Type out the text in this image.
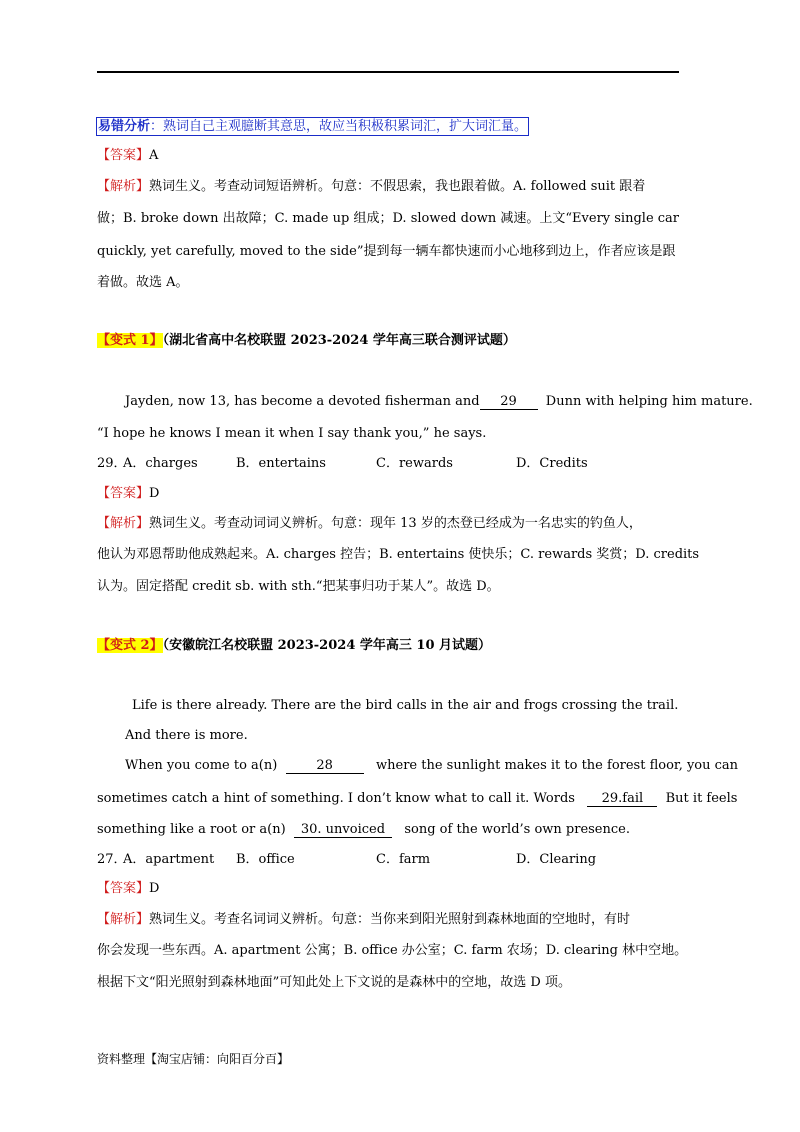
易错分析：熟词自己主观臆断其意思，故应当积极积累词汇，扩大词汇量。
【答案】A
【解析】熟词生义。考查动词短语辨析。句意：不假思索，我也跟着做。A. followed suit 跟着
做；B. broke down 出故障；C. made up 组成；D. slowed down 减速。上文“Every single car
quickly, yet carefully, moved to the side”提到每一辆车都快速而小心地移到边上，作者应该是跟
着做。故选 A。
【变式 1】（湖北省高中名校联盟 2023-2024 学年高三联合测评试题）
Jayden, now 13, has become a devoted fisherman and 29 Dunn with helping him mature.
“I hope he knows I mean it when I say thank you,” he says.
29．
A．charges	B．entertains	C．rewards	D．Credits
【答案】D
【解析】熟词生义。考查动词词义辨析。句意：现年 13 岁的杰登已经成为一名忠实的钓鱼人，
他认为邓恩帮助他成熟起来。A. charges 控告；B. entertains 使快乐；C. rewards 奖赏；D. credits
认为。固定搭配 credit sb. with sth.“把某事归功于某人”。故选 D。
【变式 2】（安徽皖江名校联盟 2023-2024 学年高三 10 月试题）
Life is there already. There are the bird calls in the air and frogs crossing the trail.
And there is more.
When you come to a(n)	28	where the sunlight makes it to the forest floor, you can
sometimes catch a hint of something. I don’t know what to call it. Words 29.fail But it feels
something like a root or a(n) 30. unvoiced song of the world’s own presence.
27．
A．apartment B．office	C．farm	D．Clearing
【答案】D
【解析】熟词生义。考查名词词义辨析。句意：当你来到阳光照射到森林地面的空地时，有时
你会发现一些东西。A. apartment 公寓；B. office 办公室；C. farm 农场；D. clearing 林中空地。
根据下文“阳光照射到森林地面”可知此处上下文说的是森林中的空地，故选 D 项。
资料整理【淘宝店铺：向阳百分百】
